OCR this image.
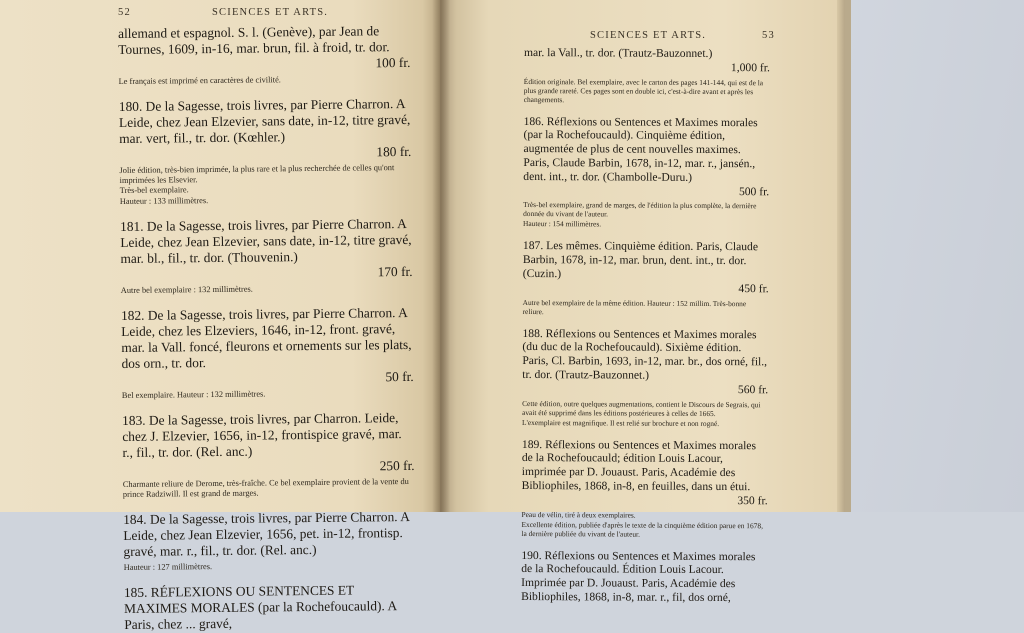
52	SCIENCES ET ARTS.

allemand et espagnol. S. l. (Genève), par Jean de Tournes, 1609, in-16, mar. brun, fil. à froid, tr. dor.

100 fr.
Le français est imprimé en caractères de civilité.

180. De la Sagesse, trois livres, par Pierre Charron. A Leide, chez Jean Elzevier, sans date, in-12, titre gravé, mar. vert, fil., tr. dor. (Kœhler.)

180 fr.
Jolie édition, très-bien imprimée, la plus rare et la plus recherchée de celles qu'ont imprimées les Elsevier.
Très-bel exemplaire.
Hauteur : 133 millimètres.

181. De la Sagesse, trois livres, par Pierre Charron. A Leide, chez Jean Elzevier, sans date, in-12, titre gravé, mar. bl., fil., tr. dor. (Thouvenin.)

170 fr.
Autre bel exemplaire : 132 millimètres.

182. De la Sagesse, trois livres, par Pierre Charron. A Leide, chez les Elzeviers, 1646, in-12, front. gravé, mar. la Vall. foncé, fleurons et ornements sur les plats, dos orn., tr. dor.

50 fr.
Bel exemplaire. Hauteur : 132 millimètres.

183. De la Sagesse, trois livres, par Charron. Leide, chez J. Elzevier, 1656, in-12, frontispice gravé, mar. r., fil., tr. dor. (Rel. anc.)

250 fr.
Charmante reliure de Derome, très-fraîche. Ce bel exemplaire provient de la vente du prince Radziwill. Il est grand de marges.

184. De la Sagesse, trois livres, par Pierre Charron. A Leide, chez Jean Elzevier, 1656, pet. in-12, frontisp. gravé, mar. r., fil., tr. dor. (Rel. anc.)

Hauteur : 127 millimètres.

185. RÉFLEXIONS OU SENTENCES ET MAXIMES MORALES (par la Rochefoucauld). A Paris, chez ... gravé,

SCIENCES ET ARTS.	53

mar. la Vall., tr. dor. (Trautz-Bauzonnet.)

1,000 fr.
Édition originale. Bel exemplaire, avec le carton des pages 141-144, qui est de la plus grande rareté. Ces pages sont en double ici, c'est-à-dire avant et après les changements.

186. Réflexions ou Sentences et Maximes morales (par la Rochefoucauld). Cinquième édition, augmentée de plus de cent nouvelles maximes. Paris, Claude Barbin, 1678, in-12, mar. r., jansén., dent. int., tr. dor. (Chambolle-Duru.)

500 fr.
Très-bel exemplaire, grand de marges, de l'édition la plus complète, la dernière donnée du vivant de l'auteur.
Hauteur : 154 millimètres.

187. Les mêmes. Cinquième édition. Paris, Claude Barbin, 1678, in-12, mar. brun, dent. int., tr. dor. (Cuzin.)

450 fr.
Autre bel exemplaire de la même édition. Hauteur : 152 millim. Très-bonne reliure.

188. Réflexions ou Sentences et Maximes morales (du duc de la Rochefoucauld). Sixième édition. Paris, Cl. Barbin, 1693, in-12, mar. br., dos orné, fil., tr. dor. (Trautz-Bauzonnet.)

560 fr.
Cette édition, outre quelques augmentations, contient le Discours de Segrais, qui avait été supprimé dans les éditions postérieures à celles de 1665.
L'exemplaire est magnifique. Il est relié sur brochure et non rogné.

189. Réflexions ou Sentences et Maximes morales de la Rochefoucauld; édition Louis Lacour, imprimée par D. Jouaust. Paris, Académie des Bibliophiles, 1868, in-8, en feuilles, dans un étui.

350 fr.
Peau de vélin, tiré à deux exemplaires.
Excellente édition, publiée d'après le texte de la cinquième édition parue en 1678, la dernière publiée du vivant de l'auteur.

190. Réflexions ou Sentences et Maximes morales de la Rochefoucauld. Édition Louis Lacour. Imprimée par D. Jouaust. Paris, Académie des Bibliophiles, 1868, in-8, mar. r., fil, dos orné,
